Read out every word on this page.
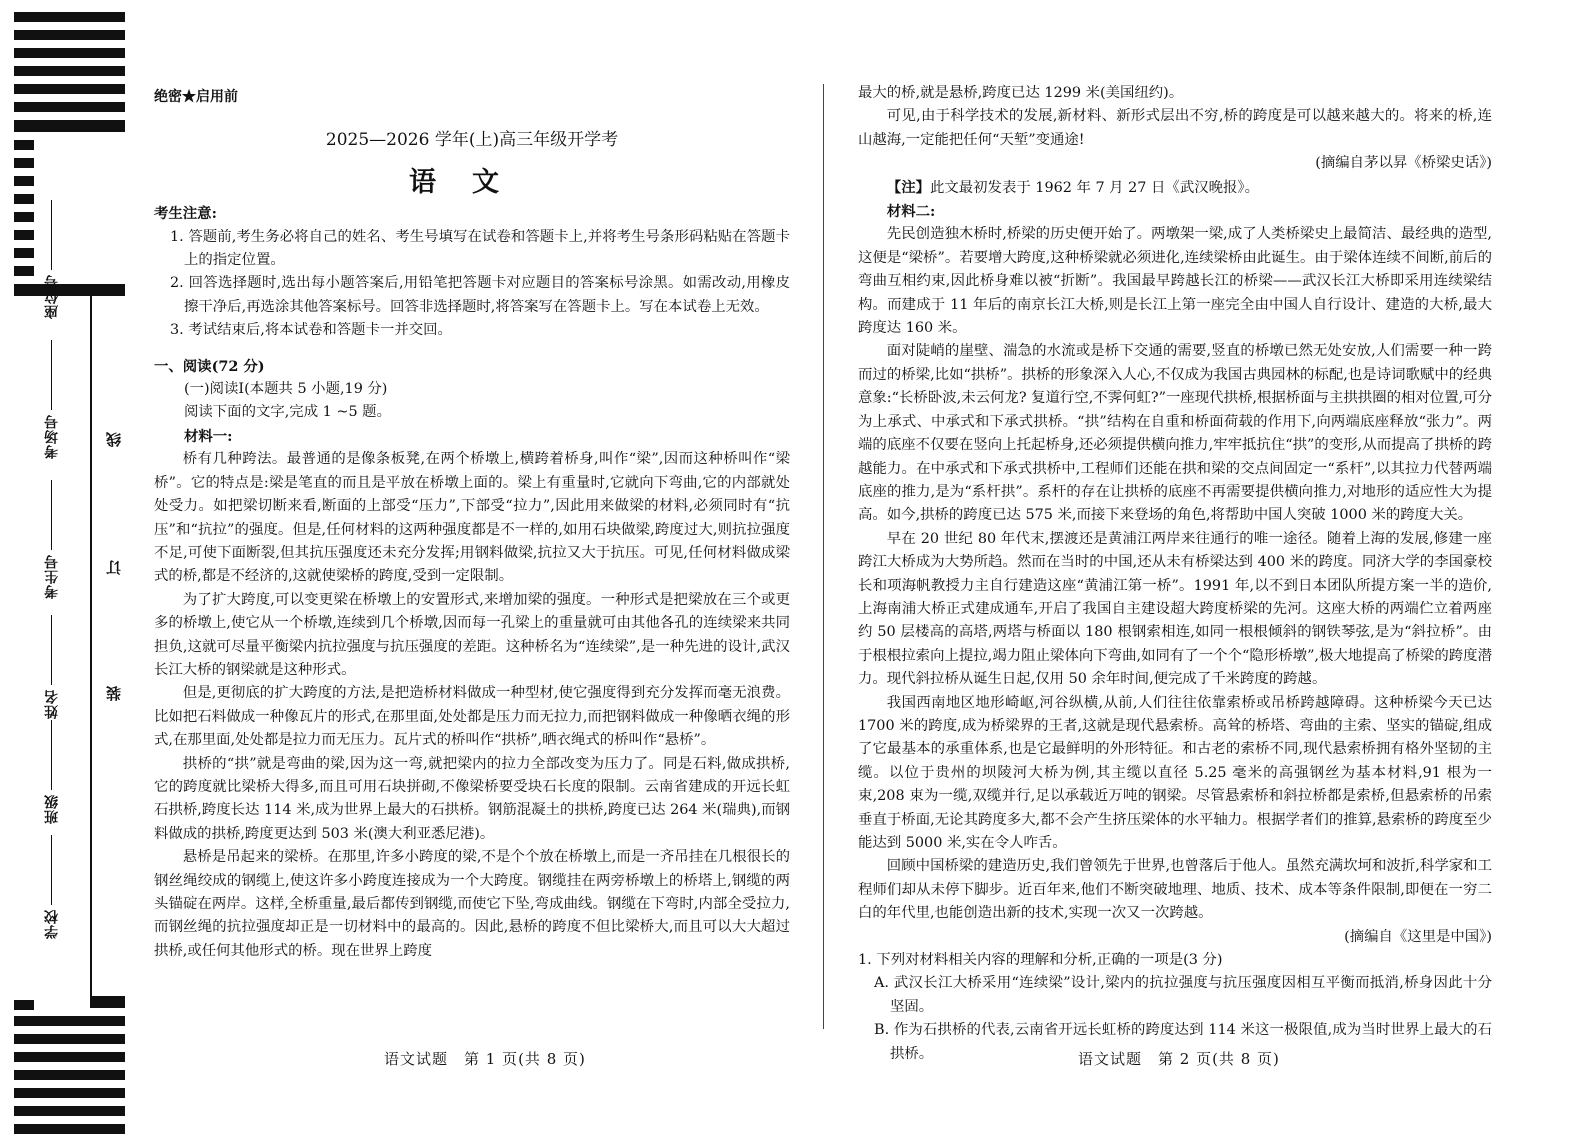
学校
班级
姓名
考生号
考场号
座位号
线
订
装
绝密★启用前
2025—2026 学年(上)高三年级开学考
语文
考生注意:
1. 答题前,考生务必将自己的姓名、考生号填写在试卷和答题卡上,并将考生号条形码粘贴在答题卡上的指定位置。
2. 回答选择题时,选出每小题答案后,用铅笔把答题卡对应题目的答案标号涂黑。如需改动,用橡皮擦干净后,再选涂其他答案标号。回答非选择题时,将答案写在答题卡上。写在本试卷上无效。
3. 考试结束后,将本试卷和答题卡一并交回。
一、阅读(72 分)
(一)阅读Ⅰ(本题共 5 小题,19 分)
阅读下面的文字,完成 1 ~5 题。
材料一:
桥有几种跨法。最普通的是像条板凳,在两个桥墩上,横跨着桥身,叫作“梁”,因而这种桥叫作“梁桥”。它的特点是:梁是笔直的而且是平放在桥墩上面的。梁上有重量时,它就向下弯曲,它的内部就处处受力。如把梁切断来看,断面的上部受“压力”,下部受“拉力”,因此用来做梁的材料,必须同时有“抗压”和“抗拉”的强度。但是,任何材料的这两种强度都是不一样的,如用石块做梁,跨度过大,则抗拉强度不足,可使下面断裂,但其抗压强度还未充分发挥;用钢料做梁,抗拉又大于抗压。可见,任何材料做成梁式的桥,都是不经济的,这就使梁桥的跨度,受到一定限制。
为了扩大跨度,可以变更梁在桥墩上的安置形式,来增加梁的强度。一种形式是把梁放在三个或更多的桥墩上,使它从一个桥墩,连续到几个桥墩,因而每一孔梁上的重量就可由其他各孔的连续梁来共同担负,这就可尽量平衡梁内抗拉强度与抗压强度的差距。这种桥名为“连续梁”,是一种先进的设计,武汉长江大桥的钢梁就是这种形式。
但是,更彻底的扩大跨度的方法,是把造桥材料做成一种型材,使它强度得到充分发挥而毫无浪费。比如把石料做成一种像瓦片的形式,在那里面,处处都是压力而无拉力,而把钢料做成一种像晒衣绳的形式,在那里面,处处都是拉力而无压力。瓦片式的桥叫作“拱桥”,晒衣绳式的桥叫作“悬桥”。
拱桥的“拱”就是弯曲的梁,因为这一弯,就把梁内的拉力全部改变为压力了。同是石料,做成拱桥,它的跨度就比梁桥大得多,而且可用石块拼砌,不像梁桥要受块石长度的限制。云南省建成的开远长虹石拱桥,跨度长达 114 米,成为世界上最大的石拱桥。钢筋混凝土的拱桥,跨度已达 264 米(瑞典),而钢料做成的拱桥,跨度更达到 503 米(澳大利亚悉尼港)。
悬桥是吊起来的梁桥。在那里,许多小跨度的梁,不是个个放在桥墩上,而是一齐吊挂在几根很长的钢丝绳绞成的钢缆上,使这许多小跨度连接成为一个大跨度。钢缆挂在两旁桥墩上的桥塔上,钢缆的两头锚碇在两岸。这样,全桥重量,最后都传到钢缆,而使它下坠,弯成曲线。钢缆在下弯时,内部全受拉力,而钢丝绳的抗拉强度却正是一切材料中的最高的。因此,悬桥的跨度不但比梁桥大,而且可以大大超过拱桥,或任何其他形式的桥。现在世界上跨度
最大的桥,就是悬桥,跨度已达 1299 米(美国纽约)。
可见,由于科学技术的发展,新材料、新形式层出不穷,桥的跨度是可以越来越大的。将来的桥,连山越海,一定能把任何“天堑”变通途!
(摘编自茅以昇《桥梁史话》)
【注】此文最初发表于 1962 年 7 月 27 日《武汉晚报》。
材料二:
先民创造独木桥时,桥梁的历史便开始了。两墩架一梁,成了人类桥梁史上最简洁、最经典的造型,这便是“梁桥”。若要增大跨度,这种桥梁就必须进化,连续梁桥由此诞生。由于梁体连续不间断,前后的弯曲互相约束,因此桥身难以被“折断”。我国最早跨越长江的桥梁——武汉长江大桥即采用连续梁结构。而建成于 11 年后的南京长江大桥,则是长江上第一座完全由中国人自行设计、建造的大桥,最大跨度达 160 米。
面对陡峭的崖壁、湍急的水流或是桥下交通的需要,竖直的桥墩已然无处安放,人们需要一种一跨而过的桥梁,比如“拱桥”。拱桥的形象深入人心,不仅成为我国古典园林的标配,也是诗词歌赋中的经典意象:“长桥卧波,未云何龙? 复道行空,不霁何虹?”一座现代拱桥,根据桥面与主拱拱圈的相对位置,可分为上承式、中承式和下承式拱桥。“拱”结构在自重和桥面荷载的作用下,向两端底座释放“张力”。两端的底座不仅要在竖向上托起桥身,还必须提供横向推力,牢牢抵抗住“拱”的变形,从而提高了拱桥的跨越能力。在中承式和下承式拱桥中,工程师们还能在拱和梁的交点间固定一“系杆”,以其拉力代替两端底座的推力,是为“系杆拱”。系杆的存在让拱桥的底座不再需要提供横向推力,对地形的适应性大为提高。如今,拱桥的跨度已达 575 米,而接下来登场的角色,将帮助中国人突破 1000 米的跨度大关。
早在 20 世纪 80 年代末,摆渡还是黄浦江两岸来往通行的唯一途径。随着上海的发展,修建一座跨江大桥成为大势所趋。然而在当时的中国,还从未有桥梁达到 400 米的跨度。同济大学的李国豪校长和项海帆教授力主自行建造这座“黄浦江第一桥”。1991 年,以不到日本团队所提方案一半的造价,上海南浦大桥正式建成通车,开启了我国自主建设超大跨度桥梁的先河。这座大桥的两端伫立着两座约 50 层楼高的高塔,两塔与桥面以 180 根钢索相连,如同一根根倾斜的钢铁琴弦,是为“斜拉桥”。由于根根拉索向上提拉,竭力阻止梁体向下弯曲,如同有了一个个“隐形桥墩”,极大地提高了桥梁的跨度潜力。现代斜拉桥从诞生日起,仅用 50 余年时间,便完成了千米跨度的跨越。
我国西南地区地形崎岖,河谷纵横,从前,人们往往依靠索桥或吊桥跨越障碍。这种桥梁今天已达 1700 米的跨度,成为桥梁界的王者,这就是现代悬索桥。高耸的桥塔、弯曲的主索、坚实的锚碇,组成了它最基本的承重体系,也是它最鲜明的外形特征。和古老的索桥不同,现代悬索桥拥有格外坚韧的主缆。以位于贵州的坝陵河大桥为例,其主缆以直径 5.25 毫米的高强钢丝为基本材料,91 根为一束,208 束为一缆,双缆并行,足以承载近万吨的钢梁。尽管悬索桥和斜拉桥都是索桥,但悬索桥的吊索垂直于桥面,无论其跨度多大,都不会产生挤压梁体的水平轴力。根据学者们的推算,悬索桥的跨度至少能达到 5000 米,实在令人咋舌。
回顾中国桥梁的建造历史,我们曾领先于世界,也曾落后于他人。虽然充满坎坷和波折,科学家和工程师们却从未停下脚步。近百年来,他们不断突破地理、地质、技术、成本等条件限制,即便在一穷二白的年代里,也能创造出新的技术,实现一次又一次跨越。
(摘编自《这里是中国》)
1. 下列对材料相关内容的理解和分析,正确的一项是(3 分)
A. 武汉长江大桥采用“连续梁”设计,梁内的抗拉强度与抗压强度因相互平衡而抵消,桥身因此十分坚固。
B. 作为石拱桥的代表,云南省开远长虹桥的跨度达到 114 米这一极限值,成为当时世界上最大的石拱桥。
语文试题　第 1 页(共 8 页)	语文试题　第 2 页(共 8 页)
